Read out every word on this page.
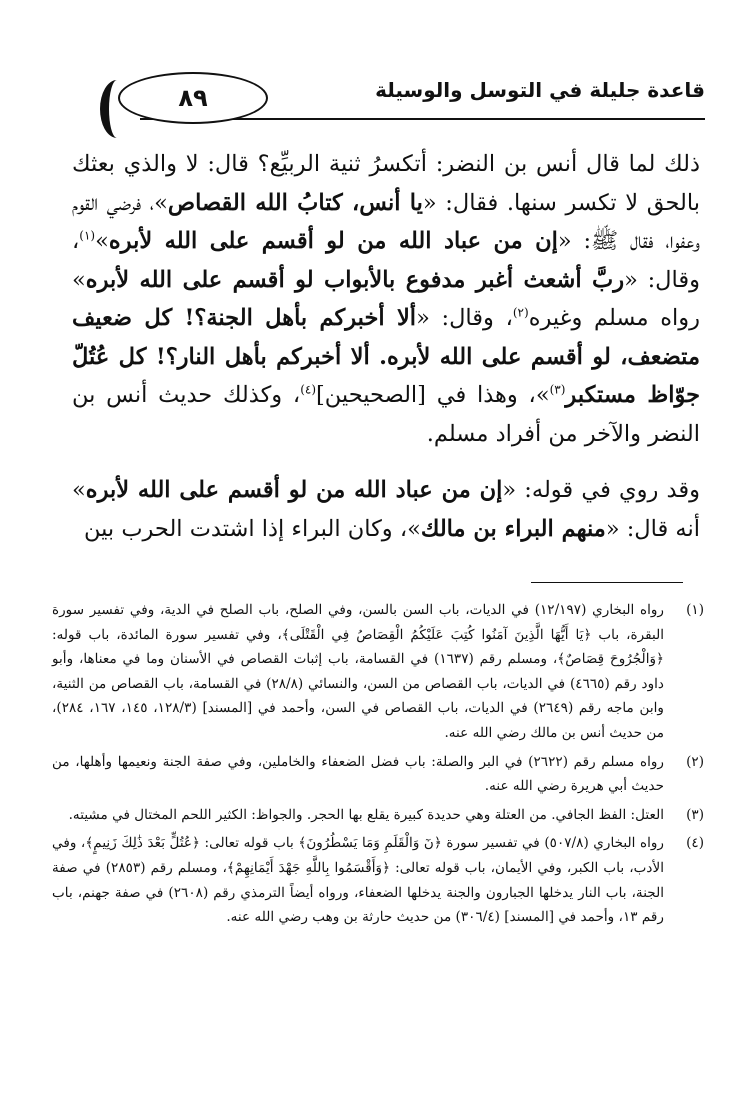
قاعدة جليلة في التوسل والوسيلة
٨٩

ذلك لما قال أنس بن النضر: أتكسرُ ثنية الربيِّع؟ قال: لا والذي بعثك بالحق لا تكسر سنها. فقال: «يا أنس، كتابُ الله القصاص»، فرضي القوم وعفوا، فقال ﷺ: «إن من عباد الله من لو أقسم على الله لأبره»$^{(١)}$، وقال: «ربَّ أشعث أغبر مدفوع بالأبواب لو أقسم على الله لأبره» رواه مسلم وغيره$^{(٢)}$، وقال: «ألا أخبركم بأهل الجنة؟! كل ضعيف متضعف، لو أقسم على الله لأبره. ألا أخبركم بأهل النار؟! كل عُتُلّ جوّاظ مستكبر$^{(٣)}$»، وهذا في [الصحيحين]$^{(٤)}$، وكذلك حديث أنس بن النضر والآخر من أفراد مسلم.

وقد روي في قوله: «إن من عباد الله من لو أقسم على الله لأبره» أنه قال: «منهم البراء بن مالك»، وكان البراء إذا اشتدت الحرب بين

(١)
رواه البخاري (١٢/١٩٧) في الديات، باب السن بالسن، وفي الصلح، باب الصلح في الدية، وفي تفسير سورة البقرة، باب ﴿يَا أَيُّهَا الَّذِينَ آمَنُوا كُتِبَ عَلَيْكُمُ الْقِصَاصُ فِي الْقَتْلَى﴾، وفي تفسير سورة المائدة، باب قوله: ﴿وَالْجُرُوحَ قِصَاصٌ﴾، ومسلم رقم (١٦٣٧) في القسامة، باب إثبات القصاص في الأسنان وما في معناها، وأبو داود رقم (٤٦٦٥) في الديات، باب القصاص من السن، والنسائي (٢٨/٨) في القسامة، باب القصاص من الثنية، وابن ماجه رقم (٢٦٤٩) في الديات، باب القصاص في السن، وأحمد في [المسند] (١٢٨/٣، ١٤٥، ١٦٧، ٢٨٤)، من حديث أنس بن مالك رضي الله عنه.
(٢)
رواه مسلم رقم (٢٦٢٢) في البر والصلة: باب فضل الضعفاء والخاملين، وفي صفة الجنة ونعيمها وأهلها، من حديث أبي هريرة رضي الله عنه.
(٣)
العتل: الفظ الجافي. من العتلة وهي حديدة كبيرة يقلع بها الحجر. والجواظ: الكثير اللحم المختال في مشيته.
(٤)
رواه البخاري (٥٠٧/٨) في تفسير سورة ﴿نٓ وَالْقَلَمِ وَمَا يَسْطُرُونَ﴾ باب قوله تعالى: ﴿عُتُلٍّ بَعْدَ ذَٰلِكَ زَنِيمٍ﴾، وفي الأدب، باب الكبر، وفي الأيمان، باب قوله تعالى: ﴿وَأَقْسَمُوا بِاللَّهِ جَهْدَ أَيْمَانِهِمْ﴾، ومسلم رقم (٢٨٥٣) في صفة الجنة، باب النار يدخلها الجبارون والجنة يدخلها الضعفاء، ورواه أيضاً الترمذي رقم (٢٦٠٨) في صفة جهنم، باب رقم ١٣، وأحمد في [المسند] (٣٠٦/٤) من حديث حارثة بن وهب رضي الله عنه.
